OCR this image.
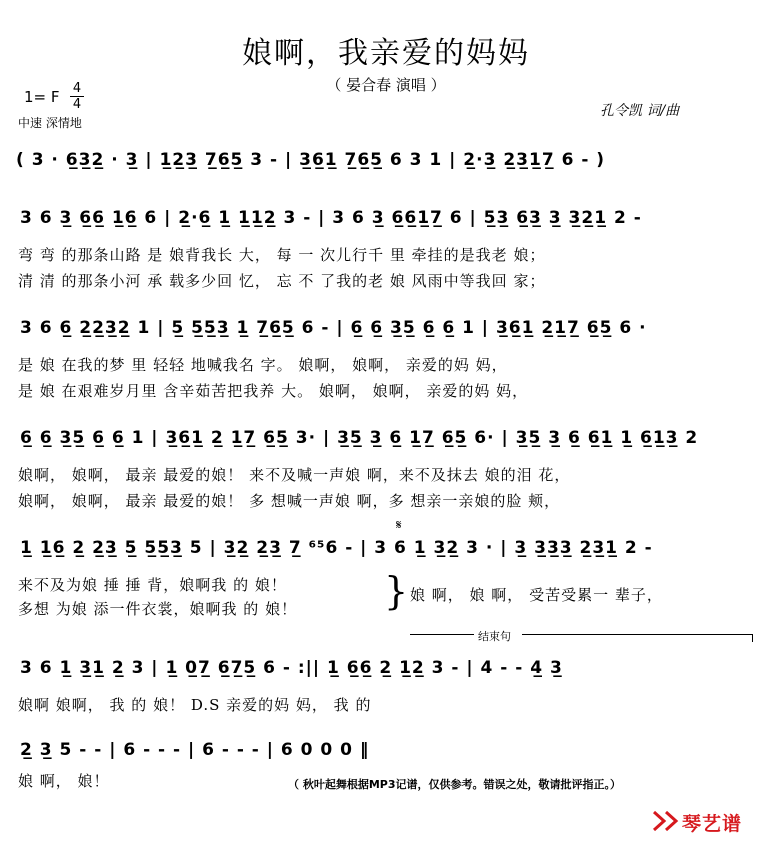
娘啊，我亲爱的妈妈
（ 晏合春 演唱 ）
1= F 4
4
中速 深情地
孔令凯 词/曲
( 3 · 6̲3̲2̲ · 3̲ | 1̲2̲3̲ 7̲6̲5̲ 3 - | 3̲6̲1̲ 7̲6̲5̲ 6 3 1 | 2̲·3̲ 2̲3̲1̲7̲ 6 - )
3 6 3̲ 6̲6̲ 1̲6̲ 6 | 2̲·6̲ 1̲ 1̲1̲2̲ 3 - | 3 6 3̲ 6̲6̲1̲7̲ 6 | 5̲3̲ 6̲3̲ 3̲ 3̲2̲1̲ 2 -
弯 弯 的那条山路 是 娘背我长 大， 每 一 次儿行千 里 牵挂的是我老 娘；
清 清 的那条小河 承 载多少回 忆， 忘 不 了我的老 娘 风雨中等我回 家；
3 6 6̲ 2̲2̲3̲2̲ 1 | 5̲ 5̲5̲3̲ 1̲ 7̲6̲5̲ 6 - | 6̲ 6̲ 3̲5̲ 6̲ 6̲ 1 | 3̲6̲1̲ 2̲1̲7̲ 6̲5̲ 6 ·
是 娘 在我的梦 里 轻轻 地喊我名 字。 娘啊， 娘啊， 亲爱的妈 妈，
是 娘 在艰难岁月里 含辛茹苦把我养 大。 娘啊， 娘啊， 亲爱的妈 妈，
6̲ 6̲ 3̲5̲ 6̲ 6̲ 1 | 3̲6̲1̲ 2̲ 1̲7̲ 6̲5̲ 3· | 3̲5̲ 3̲ 6̲ 1̲7̲ 6̲5̲ 6· | 3̲5̲ 3̲ 6̲ 6̲1̲ 1̲ 6̲1̲3̲ 2
娘啊， 娘啊， 最亲 最爱的娘！ 来不及喊一声娘 啊，来不及抹去 娘的泪 花，
娘啊， 娘啊， 最亲 最爱的娘！ 多 想喊一声娘 啊，多 想亲一亲娘的脸 颊，
𝄋
1̲ 1̲6̲ 2̲ 2̲3̲ 5̲ 5̲5̲3̲ 5 | 3̲2̲ 2̲3̲ 7̲ ⁶⁵6 - | 3 6 1̲ 3̲2̲ 3 · | 3̲ 3̲3̲3̲ 2̲3̲1̲ 2 -
来不及为娘 捶 捶 背，娘啊我 的 娘！
多想 为娘 添一件衣裳，娘啊我 的 娘！ } 娘 啊， 娘 啊， 受苦受累一 辈子，
结束句
3 6 1̲ 3̲1̲ 2̲ 3 | 1̲ 0̲7̲ 6̲7̲5̲ 6 - :|| 1̲ 6̲6̲ 2̲ 1̲2̲ 3 - | 4 - - 4̲ 3̲
娘啊 娘啊， 我 的 娘！ D.S 亲爱的妈 妈， 我 的
2̲ 3̲ 5 - - | 6 - - - | 6 - - - | 6 0 0 0 ‖
娘 啊， 娘！	（ 秋叶起舞根据MP3记谱，仅供参考。错误之处，敬请批评指正。）
琴艺谱
